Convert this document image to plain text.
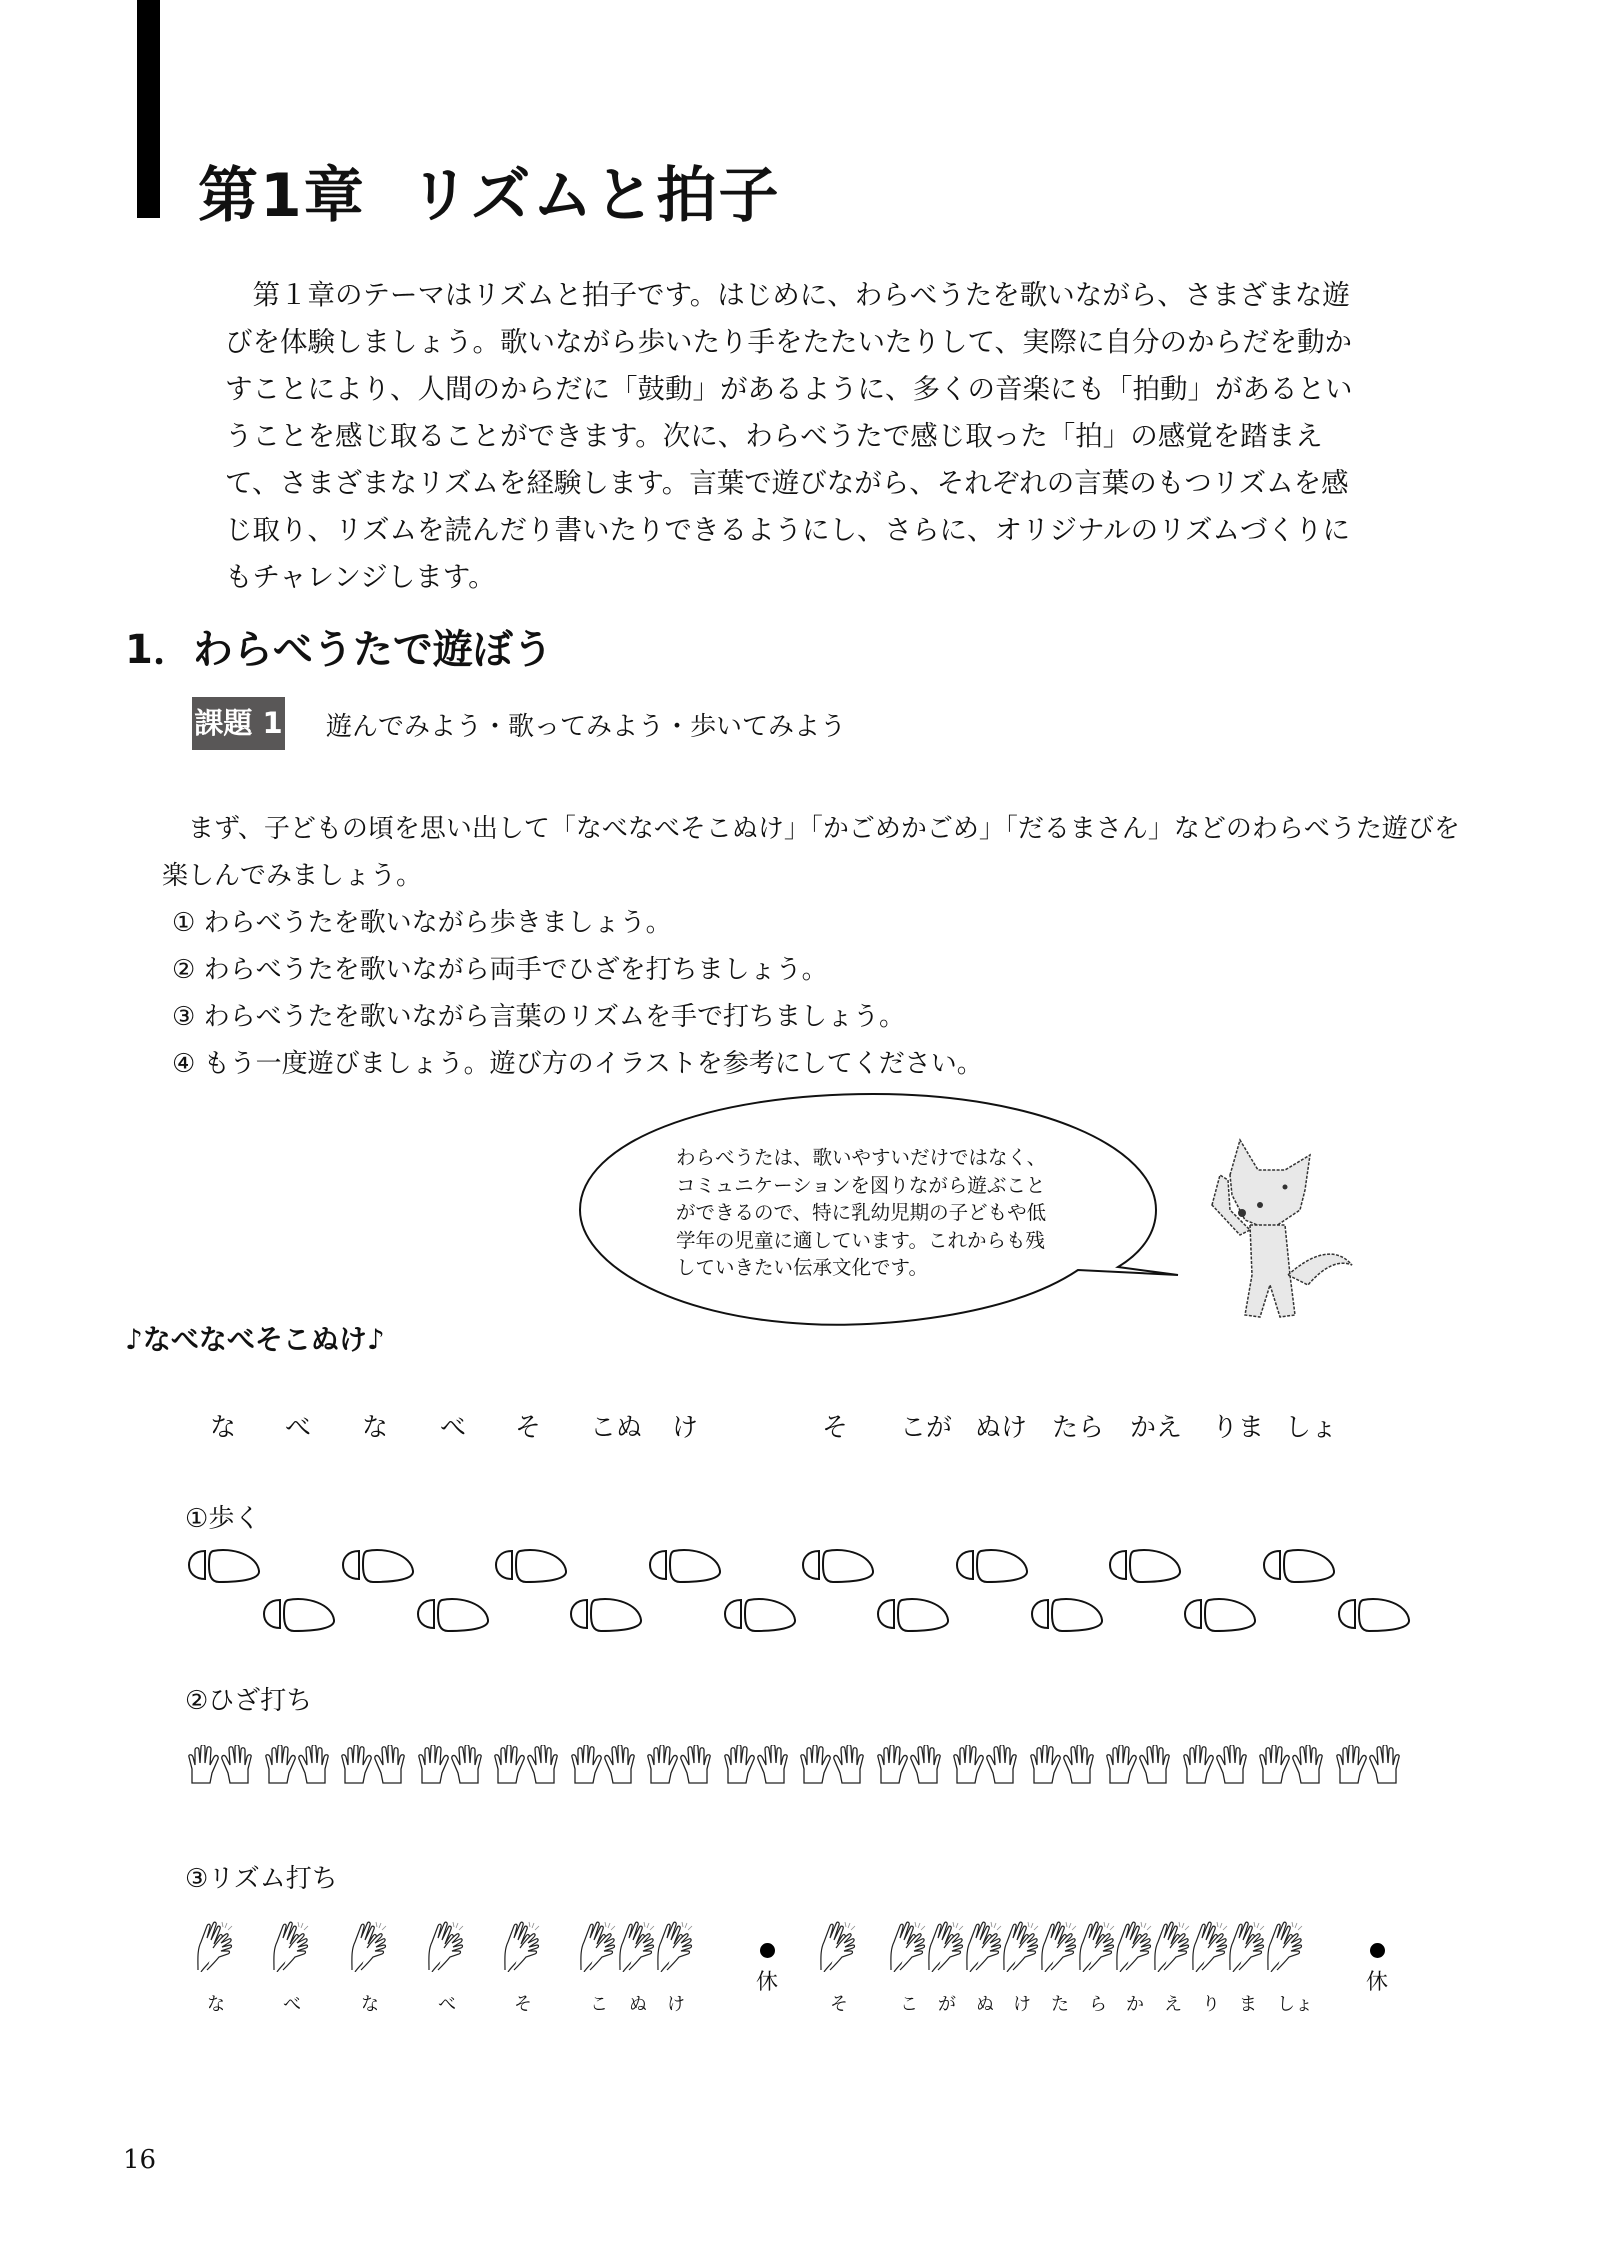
第1章 リズムと拍子

第１章のテーマはリズムと拍子です。はじめに、わらべうたを歌いながら、さまざまな遊びを体験しましょう。歌いながら歩いたり手をたたいたりして、実際に自分のからだを動かすことにより、人間のからだに「鼓動」があるように、多くの音楽にも「拍動」があるということを感じ取ることができます。次に、わらべうたで感じ取った「拍」の感覚を踏まえて、さまざまなリズムを経験します。言葉で遊びながら、それぞれの言葉のもつリズムを感じ取り、リズムを読んだり書いたりできるようにし、さらに、オリジナルのリズムづくりにもチャレンジします。

1．わらべうたで遊ぼう
課題 1 遊んでみよう・歌ってみよう・歩いてみよう

まず、子どもの頃を思い出して「なべなべそこぬけ」「かごめかごめ」「だるまさん」などのわらべうた遊びを楽しんでみましょう。

① わらべうたを歌いながら歩きましょう。
② わらべうたを歌いながら両手でひざを打ちましょう。
③ わらべうたを歌いながら言葉のリズムを手で打ちましょう。
④ もう一度遊びましょう。遊び方のイラストを参考にしてください。
わらべうたは、歌いやすいだけではなく、
コミュニケーションを図りながら遊ぶこと
ができるので、特に乳幼児期の子どもや低
学年の児童に適しています。これからも残
していきたい伝承文化です。
♪なべなべそこぬけ♪
な べ な べ そ こぬ け	そ こが ぬけ たら かえ りま しょ
①歩く
②ひざ打ち
③リズム打ち
な	べ	な	べ	そ	こ ぬ け
休
そ	こ が ぬ け た ら か え り ま しょ
休
16
